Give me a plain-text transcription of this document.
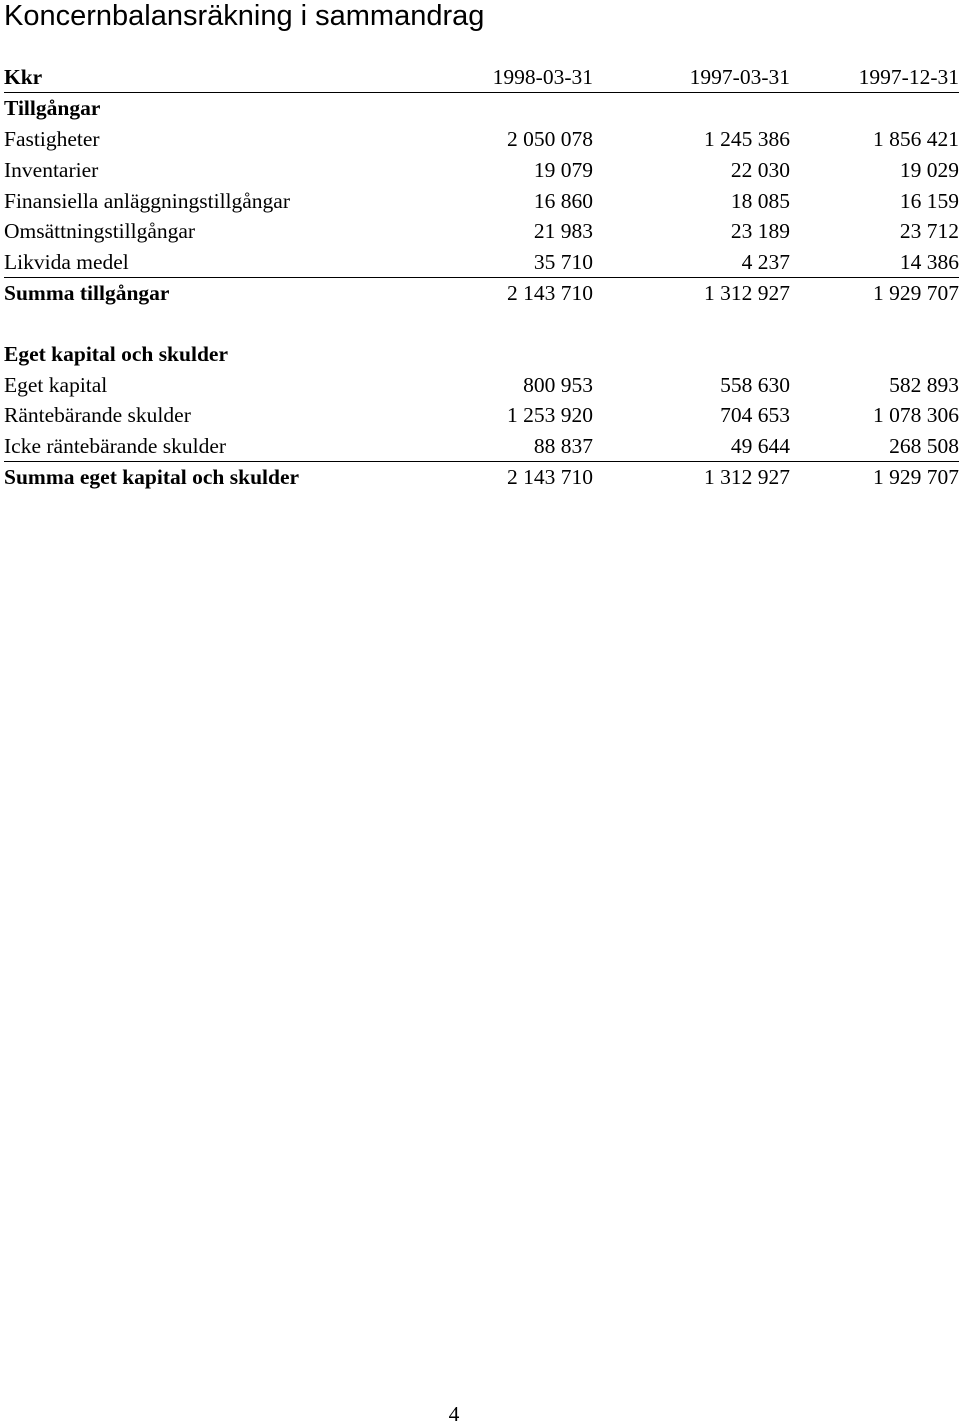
Koncernbalansräkning i sammandrag
Kkr	1998-03-31	1997-03-31	1997-12-31
Tillgångar
Fastigheter	2 050 078	1 245 386	1 856 421
Inventarier	19 079	22 030	19 029
Finansiella anläggningstillgångar	16 860	18 085	16 159
Omsättningstillgångar	21 983	23 189	23 712
Likvida medel	35 710	4 237	14 386
Summa tillgångar	2 143 710	1 312 927	1 929 707
Eget kapital och skulder
Eget kapital	800 953	558 630	582 893
Räntebärande skulder	1 253 920	704 653	1 078 306
Icke räntebärande skulder	88 837	49 644	268 508
Summa eget kapital och skulder	2 143 710	1 312 927	1 929 707
4
